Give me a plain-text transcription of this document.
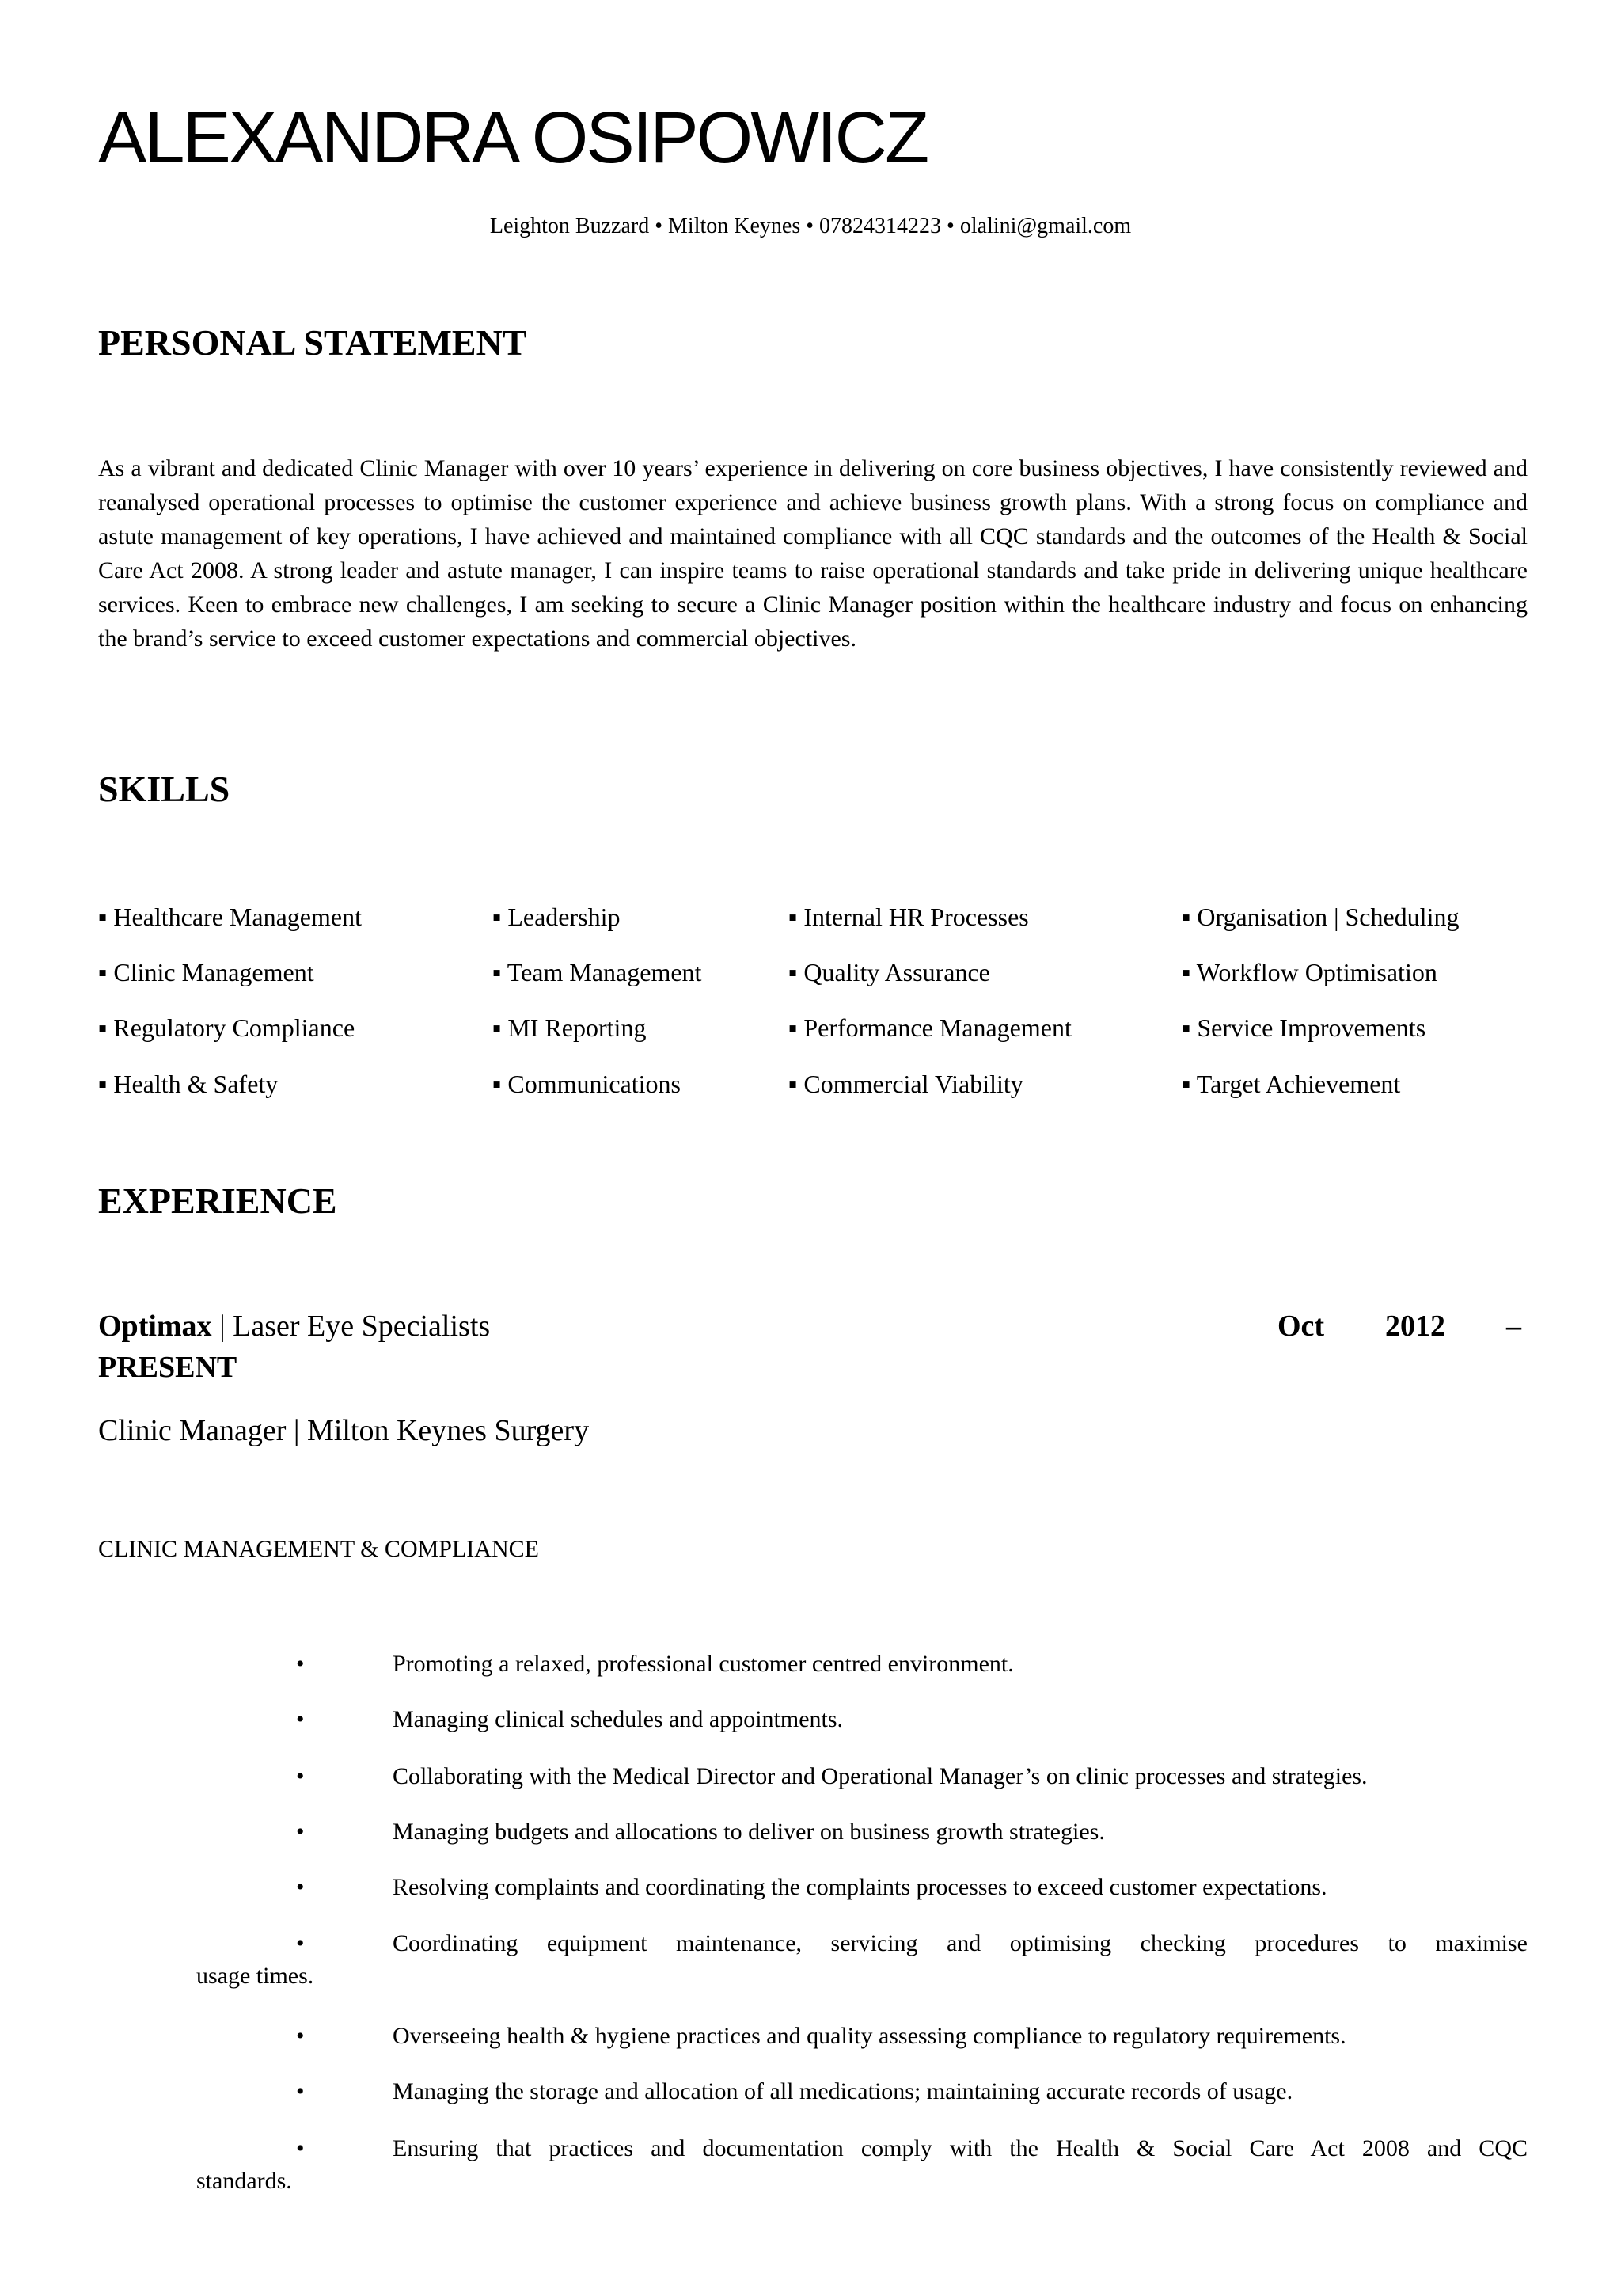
ALEXANDRA OSIPOWICZ
Leighton Buzzard • Milton Keynes • 07824314223 • olalini@gmail.com
PERSONAL STATEMENT

As a vibrant and dedicated Clinic Manager with over 10 years’ experience in delivering on core business objectives, I have consistently reviewed and reanalysed operational processes to optimise the customer experience and achieve business growth plans. With a strong focus on compliance and astute management of key operations, I have achieved and maintained compliance with all CQC standards and the outcomes of the Health & Social Care Act 2008. A strong leader and astute manager, I can inspire teams to raise operational standards and take pride in delivering unique healthcare services. Keen to embrace new challenges, I am seeking to secure a Clinic Manager position within the healthcare industry and focus on enhancing the brand’s service to exceed customer expectations and commercial objectives.

SKILLS
▪ Healthcare Management	▪ Leadership	▪ Internal HR Processes	▪ Organisation | Scheduling
▪ Clinic Management	▪ Team Management	▪ Quality Assurance	▪ Workflow Optimisation
▪ Regulatory Compliance	▪ MI Reporting	▪ Performance Management	▪ Service Improvements
▪ Health & Safety	▪ Communications	▪ Commercial Viability	▪ Target Achievement
EXPERIENCE
Optimax | Laser Eye Specialists	Oct 2012 –
PRESENT
Clinic Manager | Milton Keynes Surgery
CLINIC MANAGEMENT & COMPLIANCE
•	Promoting a relaxed, professional customer centred environment.
•	Managing clinical schedules and appointments.
•	Collaborating with the Medical Director and Operational Manager’s on clinic processes and strategies.
•	Managing budgets and allocations to deliver on business growth strategies.
•	Resolving complaints and coordinating the complaints processes to exceed customer expectations.
•	Coordinating equipment maintenance, servicing and optimising checking procedures to maximise
usage times.
•	Overseeing health & hygiene practices and quality assessing compliance to regulatory requirements.
•	Managing the storage and allocation of all medications; maintaining accurate records of usage.
•	Ensuring that practices and documentation comply with the Health & Social Care Act 2008 and CQC
standards.
